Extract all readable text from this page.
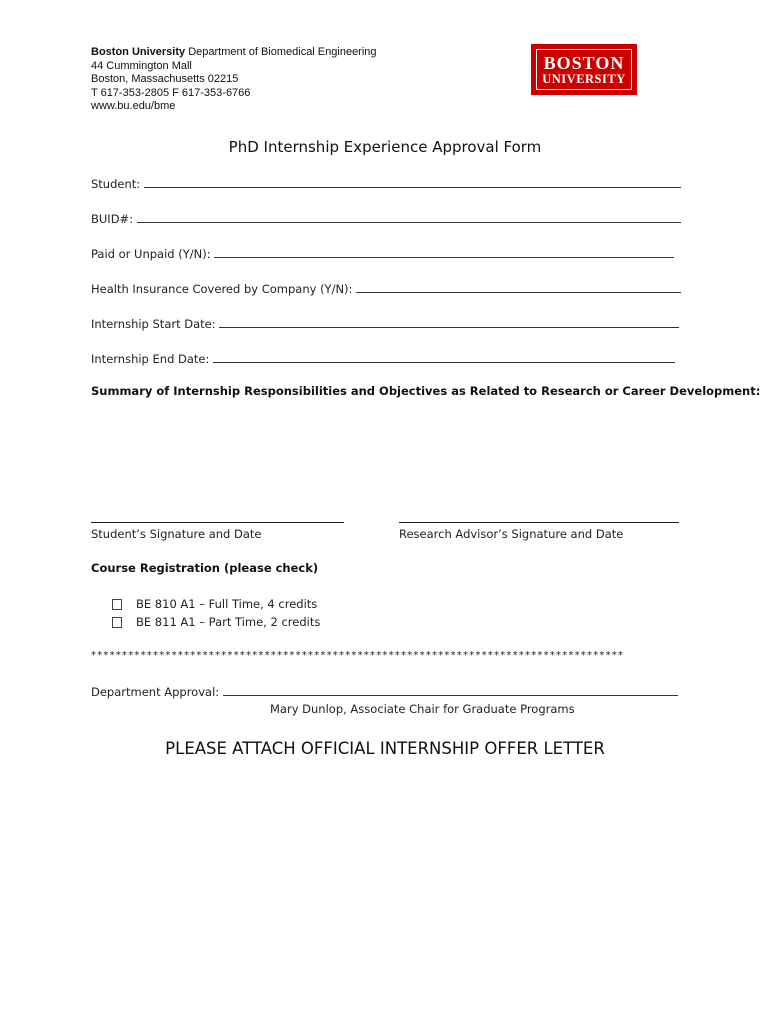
Boston University Department of Biomedical Engineering
44 Cummington Mall
Boston, Massachusetts 02215
T 617-353-2805 F 617-353-6766
www.bu.edu/bme
BOSTON
UNIVERSITY
PhD Internship Experience Approval Form
Student:
BUID#:
Paid or Unpaid (Y/N):
Health Insurance Covered by Company (Y/N):
Internship Start Date:
Internship End Date:
Summary of Internship Responsibilities and Objectives as Related to Research or Career Development:
Student’s Signature and Date	Research Advisor’s Signature and Date
Course Registration (please check)
BE 810 A1 – Full Time, 4 credits
BE 811 A1 – Part Time, 2 credits
**************************************************************************************
Department Approval:
Mary Dunlop, Associate Chair for Graduate Programs
PLEASE ATTACH OFFICIAL INTERNSHIP OFFER LETTER
